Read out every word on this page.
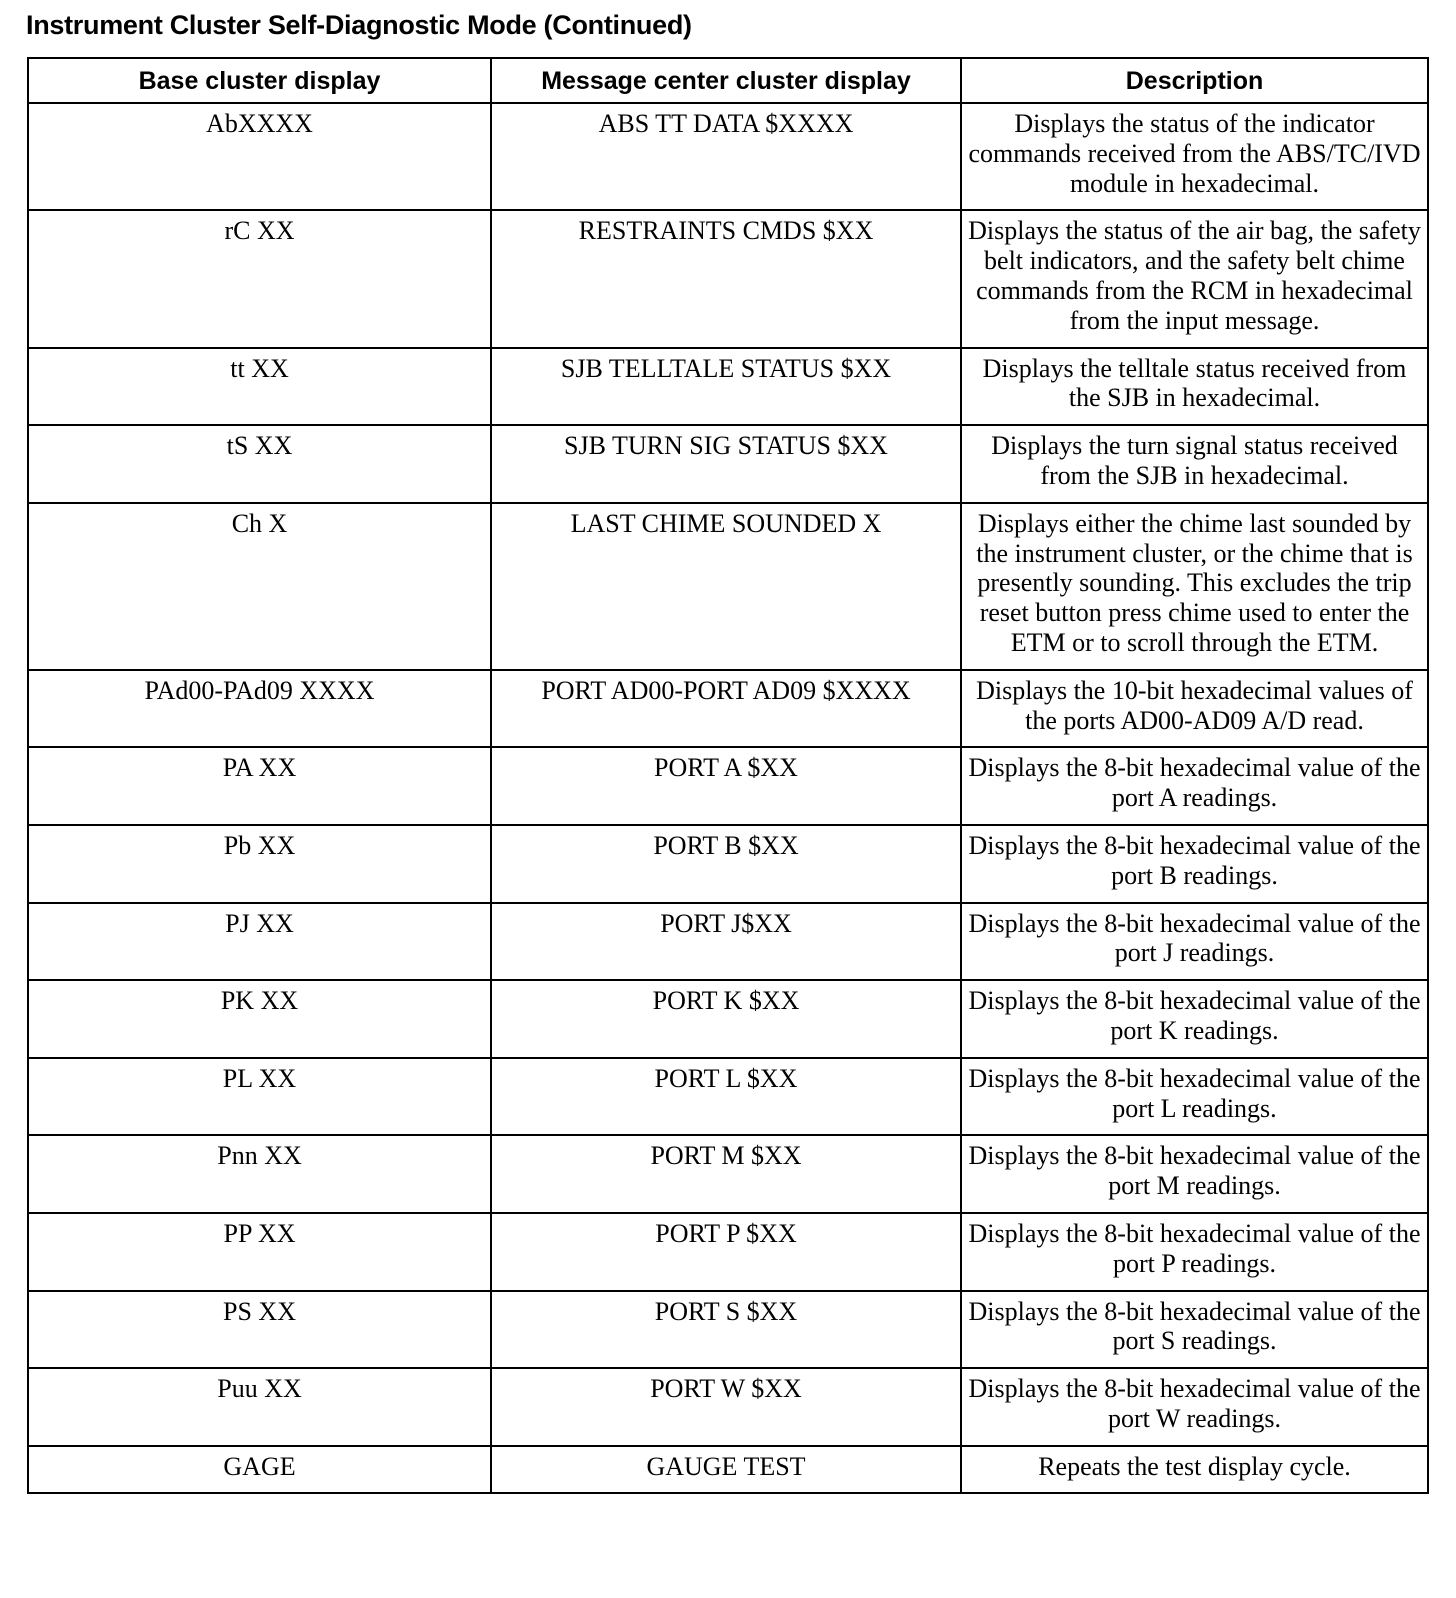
Instrument Cluster Self-Diagnostic Mode (Continued)
Base cluster display	Message center cluster display	Description
AbXXXX	ABS TT DATA $XXXX	Displays the status of the indicator commands received from the ABS/TC/IVD module in hexadecimal.
rC XX	RESTRAINTS CMDS $XX	Displays the status of the air bag, the safety belt indicators, and the safety belt chime commands from the RCM in hexadecimal from the input message.
tt XX	SJB TELLTALE STATUS $XX	Displays the telltale status received from the SJB in hexadecimal.
tS XX	SJB TURN SIG STATUS $XX	Displays the turn signal status received from the SJB in hexadecimal.
Ch X	LAST CHIME SOUNDED X	Displays either the chime last sounded by the instrument cluster, or the chime that is presently sounding. This excludes the trip reset button press chime used to enter the ETM or to scroll through the ETM.
PAd00-PAd09 XXXX	PORT AD00-PORT AD09 $XXXX	Displays the 10-bit hexadecimal values of the ports AD00-AD09 A/D read.
PA XX	PORT A $XX	Displays the 8-bit hexadecimal value of the port A readings.
Pb XX	PORT B $XX	Displays the 8-bit hexadecimal value of the port B readings.
PJ XX	PORT J$XX	Displays the 8-bit hexadecimal value of the port J readings.
PK XX	PORT K $XX	Displays the 8-bit hexadecimal value of the port K readings.
PL XX	PORT L $XX	Displays the 8-bit hexadecimal value of the port L readings.
Pnn XX	PORT M $XX	Displays the 8-bit hexadecimal value of the port M readings.
PP XX	PORT P $XX	Displays the 8-bit hexadecimal value of the port P readings.
PS XX	PORT S $XX	Displays the 8-bit hexadecimal value of the port S readings.
Puu XX	PORT W $XX	Displays the 8-bit hexadecimal value of the port W readings.
GAGE	GAUGE TEST	Repeats the test display cycle.
